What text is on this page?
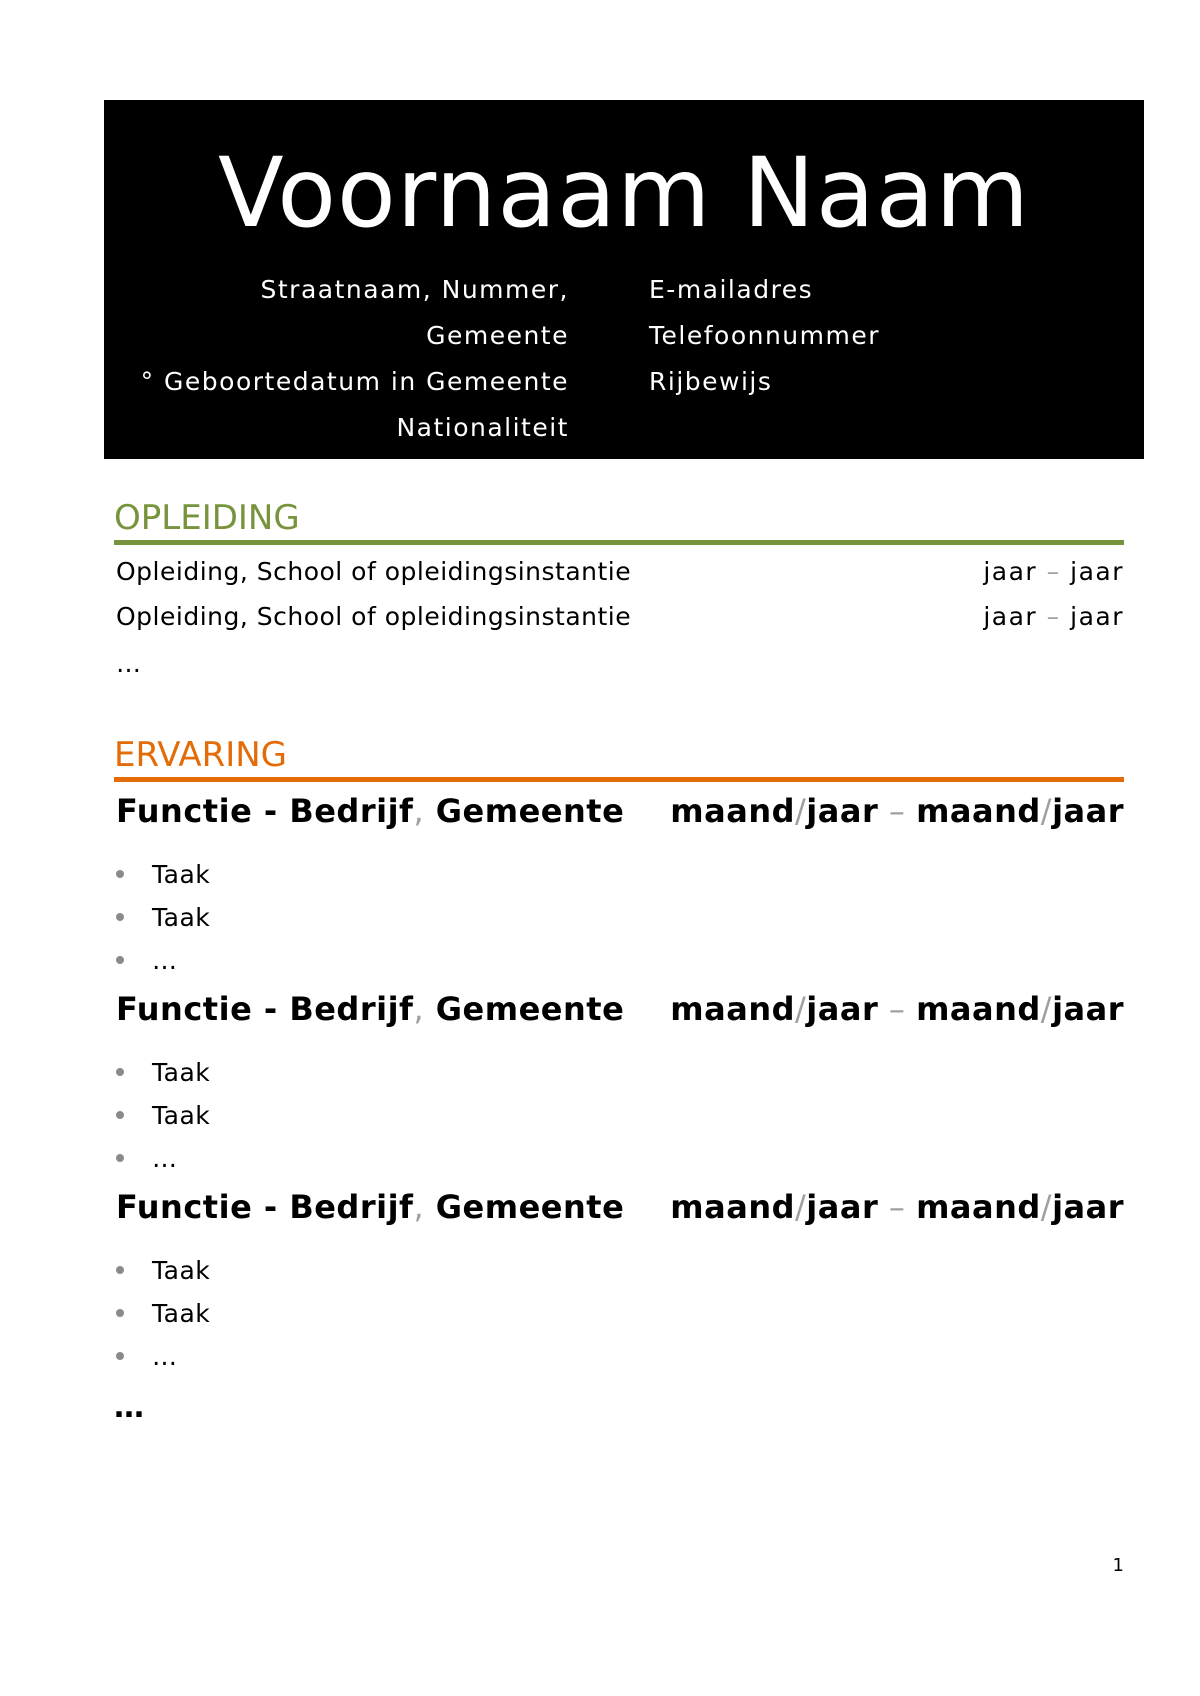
Voornaam Naam
Straatnaam, Nummer,
Gemeente
° Geboortedatum in Gemeente
Nationaliteit
E-mailadres
Telefoonnummer
Rijbewijs
OPLEIDING
Opleiding, School of opleidingsinstantie	jaar – jaar
Opleiding, School of opleidingsinstantie	jaar – jaar
…
ERVARING
Functie - Bedrijf, Gemeente maand/jaar – maand/jaar
Taak
Taak
…
Functie - Bedrijf, Gemeente maand/jaar – maand/jaar
Taak
Taak
…
Functie - Bedrijf, Gemeente maand/jaar – maand/jaar
Taak
Taak
…
…
1
